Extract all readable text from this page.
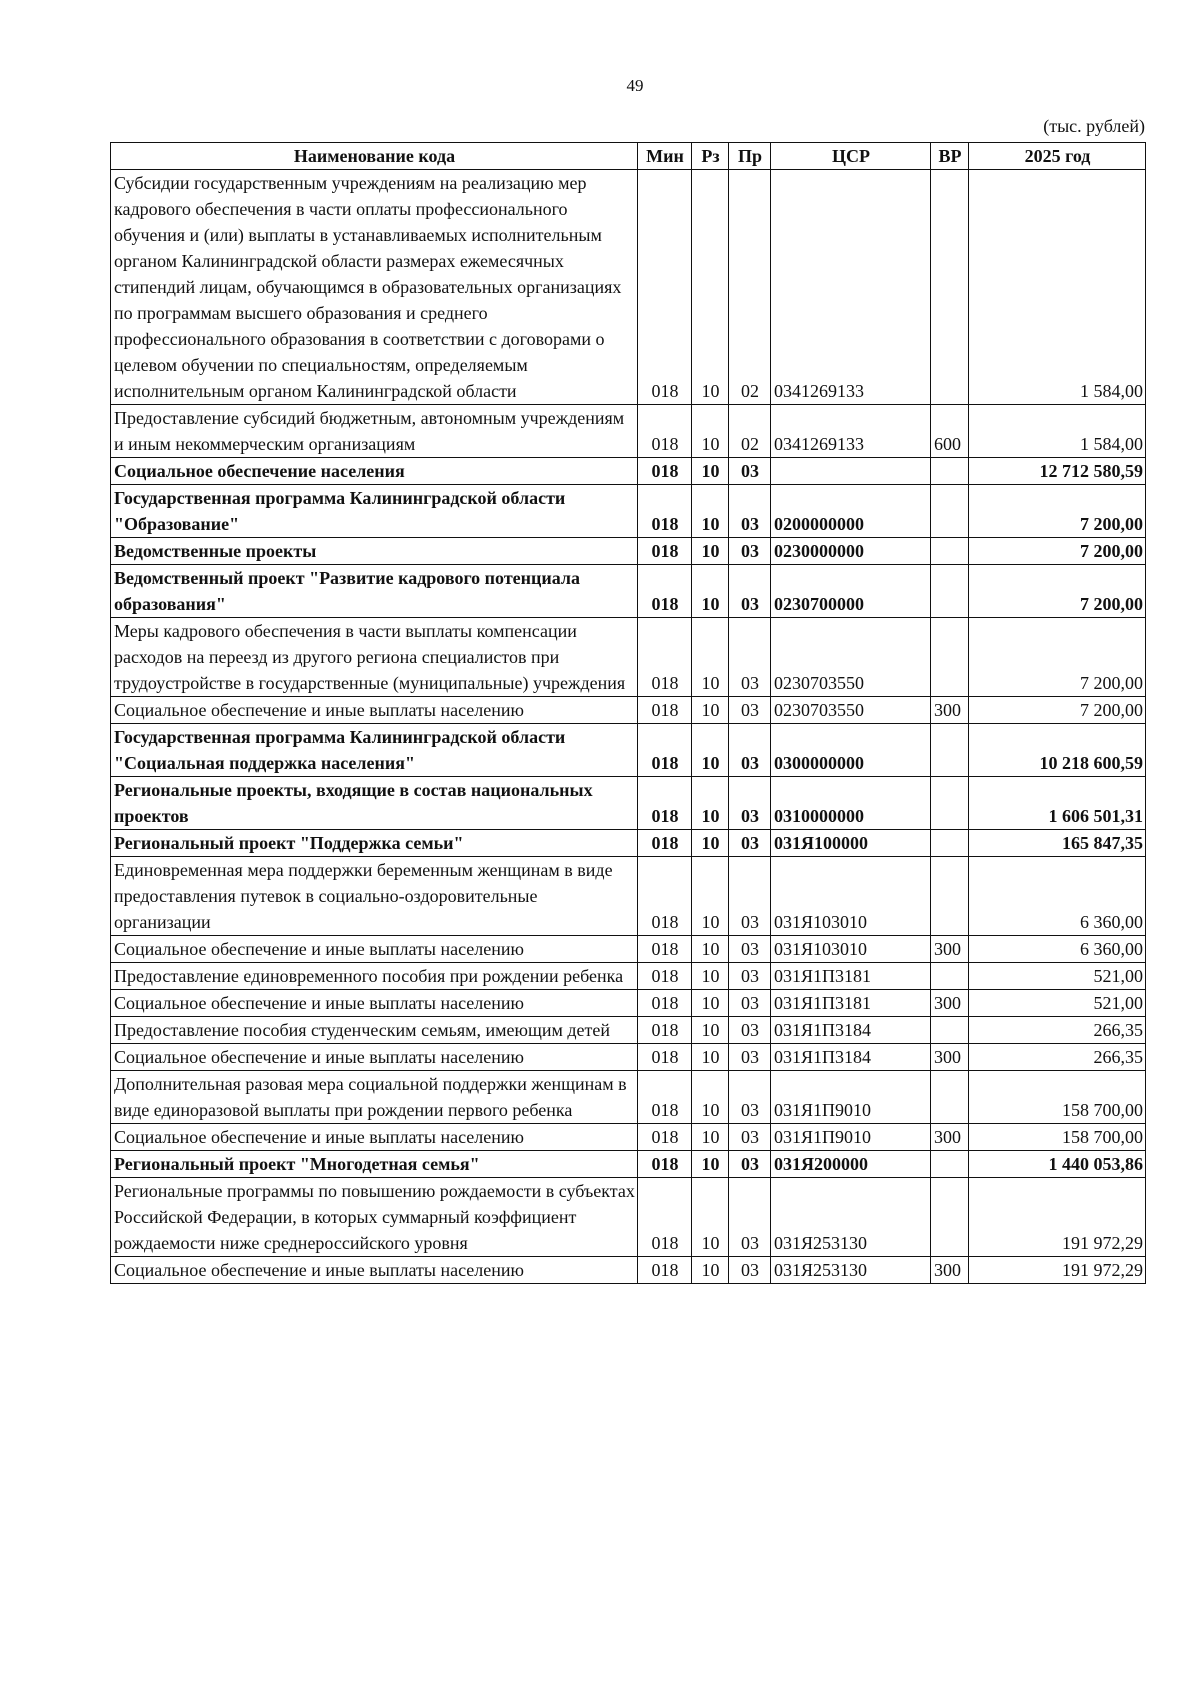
49
(тыс. рублей)
Наименование кода	Мин	Рз	Пр	ЦСР	ВР	2025 год
Субсидии государственным учреждениям на реализацию мер кадрового обеспечения в части оплаты профессионального обучения и (или) выплаты в устанавливаемых исполнительным органом Калининградской области размерах ежемесячных стипендий лицам, обучающимся в образовательных организациях по программам высшего образования и среднего профессионального образования в соответствии с договорами о целевом обучении по специальностям, определяемым исполнительным органом Калининградской области	018	10	02	0341269133		1 584,00
Предоставление субсидий бюджетным, автономным учреждениям и иным некоммерческим организациям	018	10	02	0341269133	600	1 584,00
Социальное обеспечение населения	018	10	03			12 712 580,59
Государственная программа Калининградской области "Образование"	018	10	03	0200000000		7 200,00
Ведомственные проекты	018	10	03	0230000000		7 200,00
Ведомственный проект "Развитие кадрового потенциала образования"	018	10	03	0230700000		7 200,00
Меры кадрового обеспечения в части выплаты компенсации расходов на переезд из другого региона специалистов при трудоустройстве в государственные (муниципальные) учреждения	018	10	03	0230703550		7 200,00
Социальное обеспечение и иные выплаты населению	018	10	03	0230703550	300	7 200,00
Государственная программа Калининградской области "Социальная поддержка населения"	018	10	03	0300000000		10 218 600,59
Региональные проекты, входящие в состав национальных проектов	018	10	03	0310000000		1 606 501,31
Региональный проект "Поддержка семьи"	018	10	03	031Я100000		165 847,35
Единовременная мера поддержки беременным женщинам в виде предоставления путевок в социально-оздоровительные организации	018	10	03	031Я103010		6 360,00
Социальное обеспечение и иные выплаты населению	018	10	03	031Я103010	300	6 360,00
Предоставление единовременного пособия при рождении ребенка	018	10	03	031Я1П3181		521,00
Социальное обеспечение и иные выплаты населению	018	10	03	031Я1П3181	300	521,00
Предоставление пособия студенческим семьям, имеющим детей	018	10	03	031Я1П3184		266,35
Социальное обеспечение и иные выплаты населению	018	10	03	031Я1П3184	300	266,35
Дополнительная разовая мера социальной поддержки женщинам в виде единоразовой выплаты при рождении первого ребенка	018	10	03	031Я1П9010		158 700,00
Социальное обеспечение и иные выплаты населению	018	10	03	031Я1П9010	300	158 700,00
Региональный проект "Многодетная семья"	018	10	03	031Я200000		1 440 053,86
Региональные программы по повышению рождаемости в субъектах Российской Федерации, в которых суммарный коэффициент рождаемости ниже среднероссийского уровня	018	10	03	031Я253130		191 972,29
Социальное обеспечение и иные выплаты населению	018	10	03	031Я253130	300	191 972,29
